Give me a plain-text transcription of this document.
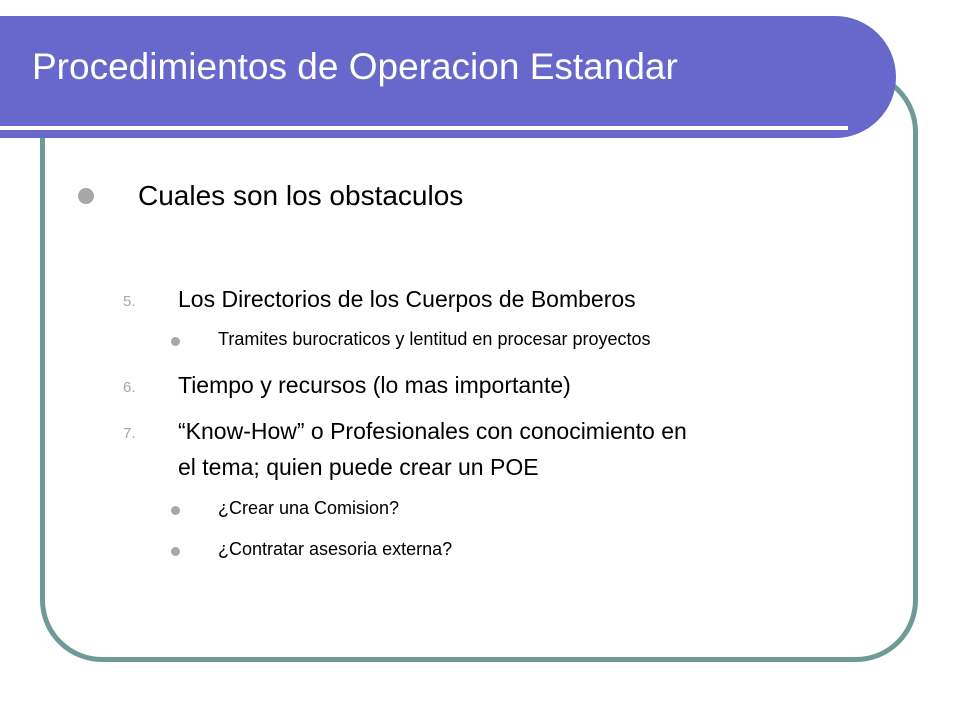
Procedimientos de Operacion Estandar
Cuales son los obstaculos
5. Los Directorios de los Cuerpos de Bomberos
Tramites burocraticos y lentitud en procesar proyectos
6. Tiempo y recursos (lo mas importante)
7. “Know-How” o Profesionales con conocimiento en
el tema; quien puede crear un POE
¿Crear una Comision?
¿Contratar asesoria externa?
